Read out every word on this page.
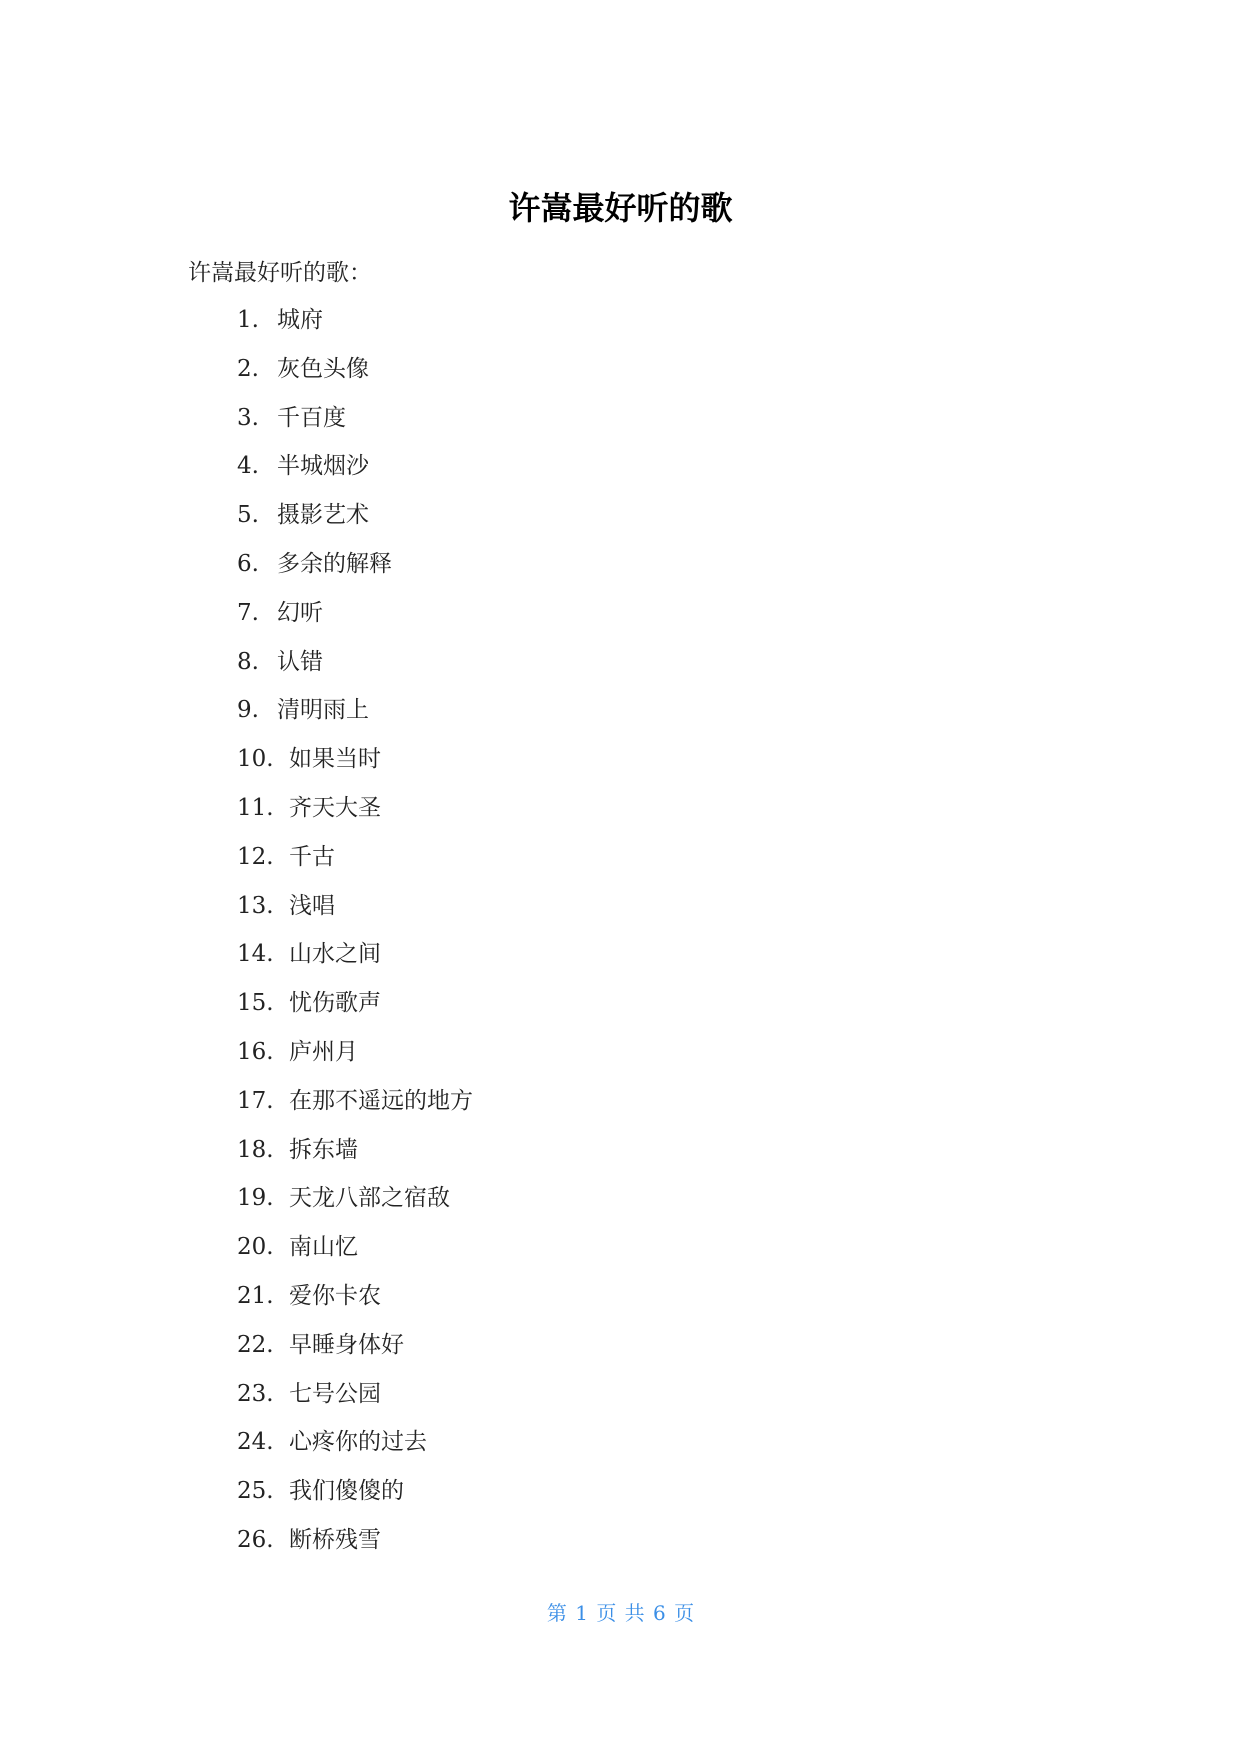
许嵩最好听的歌

许嵩最好听的歌：

1. 城府
2. 灰色头像
3. 千百度
4. 半城烟沙
5. 摄影艺术
6. 多余的解释
7. 幻听
8. 认错
9. 清明雨上
10. 如果当时
11. 齐天大圣
12. 千古
13. 浅唱
14. 山水之间
15. 忧伤歌声
16. 庐州月
17. 在那不遥远的地方
18. 拆东墙
19. 天龙八部之宿敌
20. 南山忆
21. 爱你卡农
22. 早睡身体好
23. 七号公园
24. 心疼你的过去
25. 我们傻傻的
26. 断桥残雪
第 1 页 共 6 页
